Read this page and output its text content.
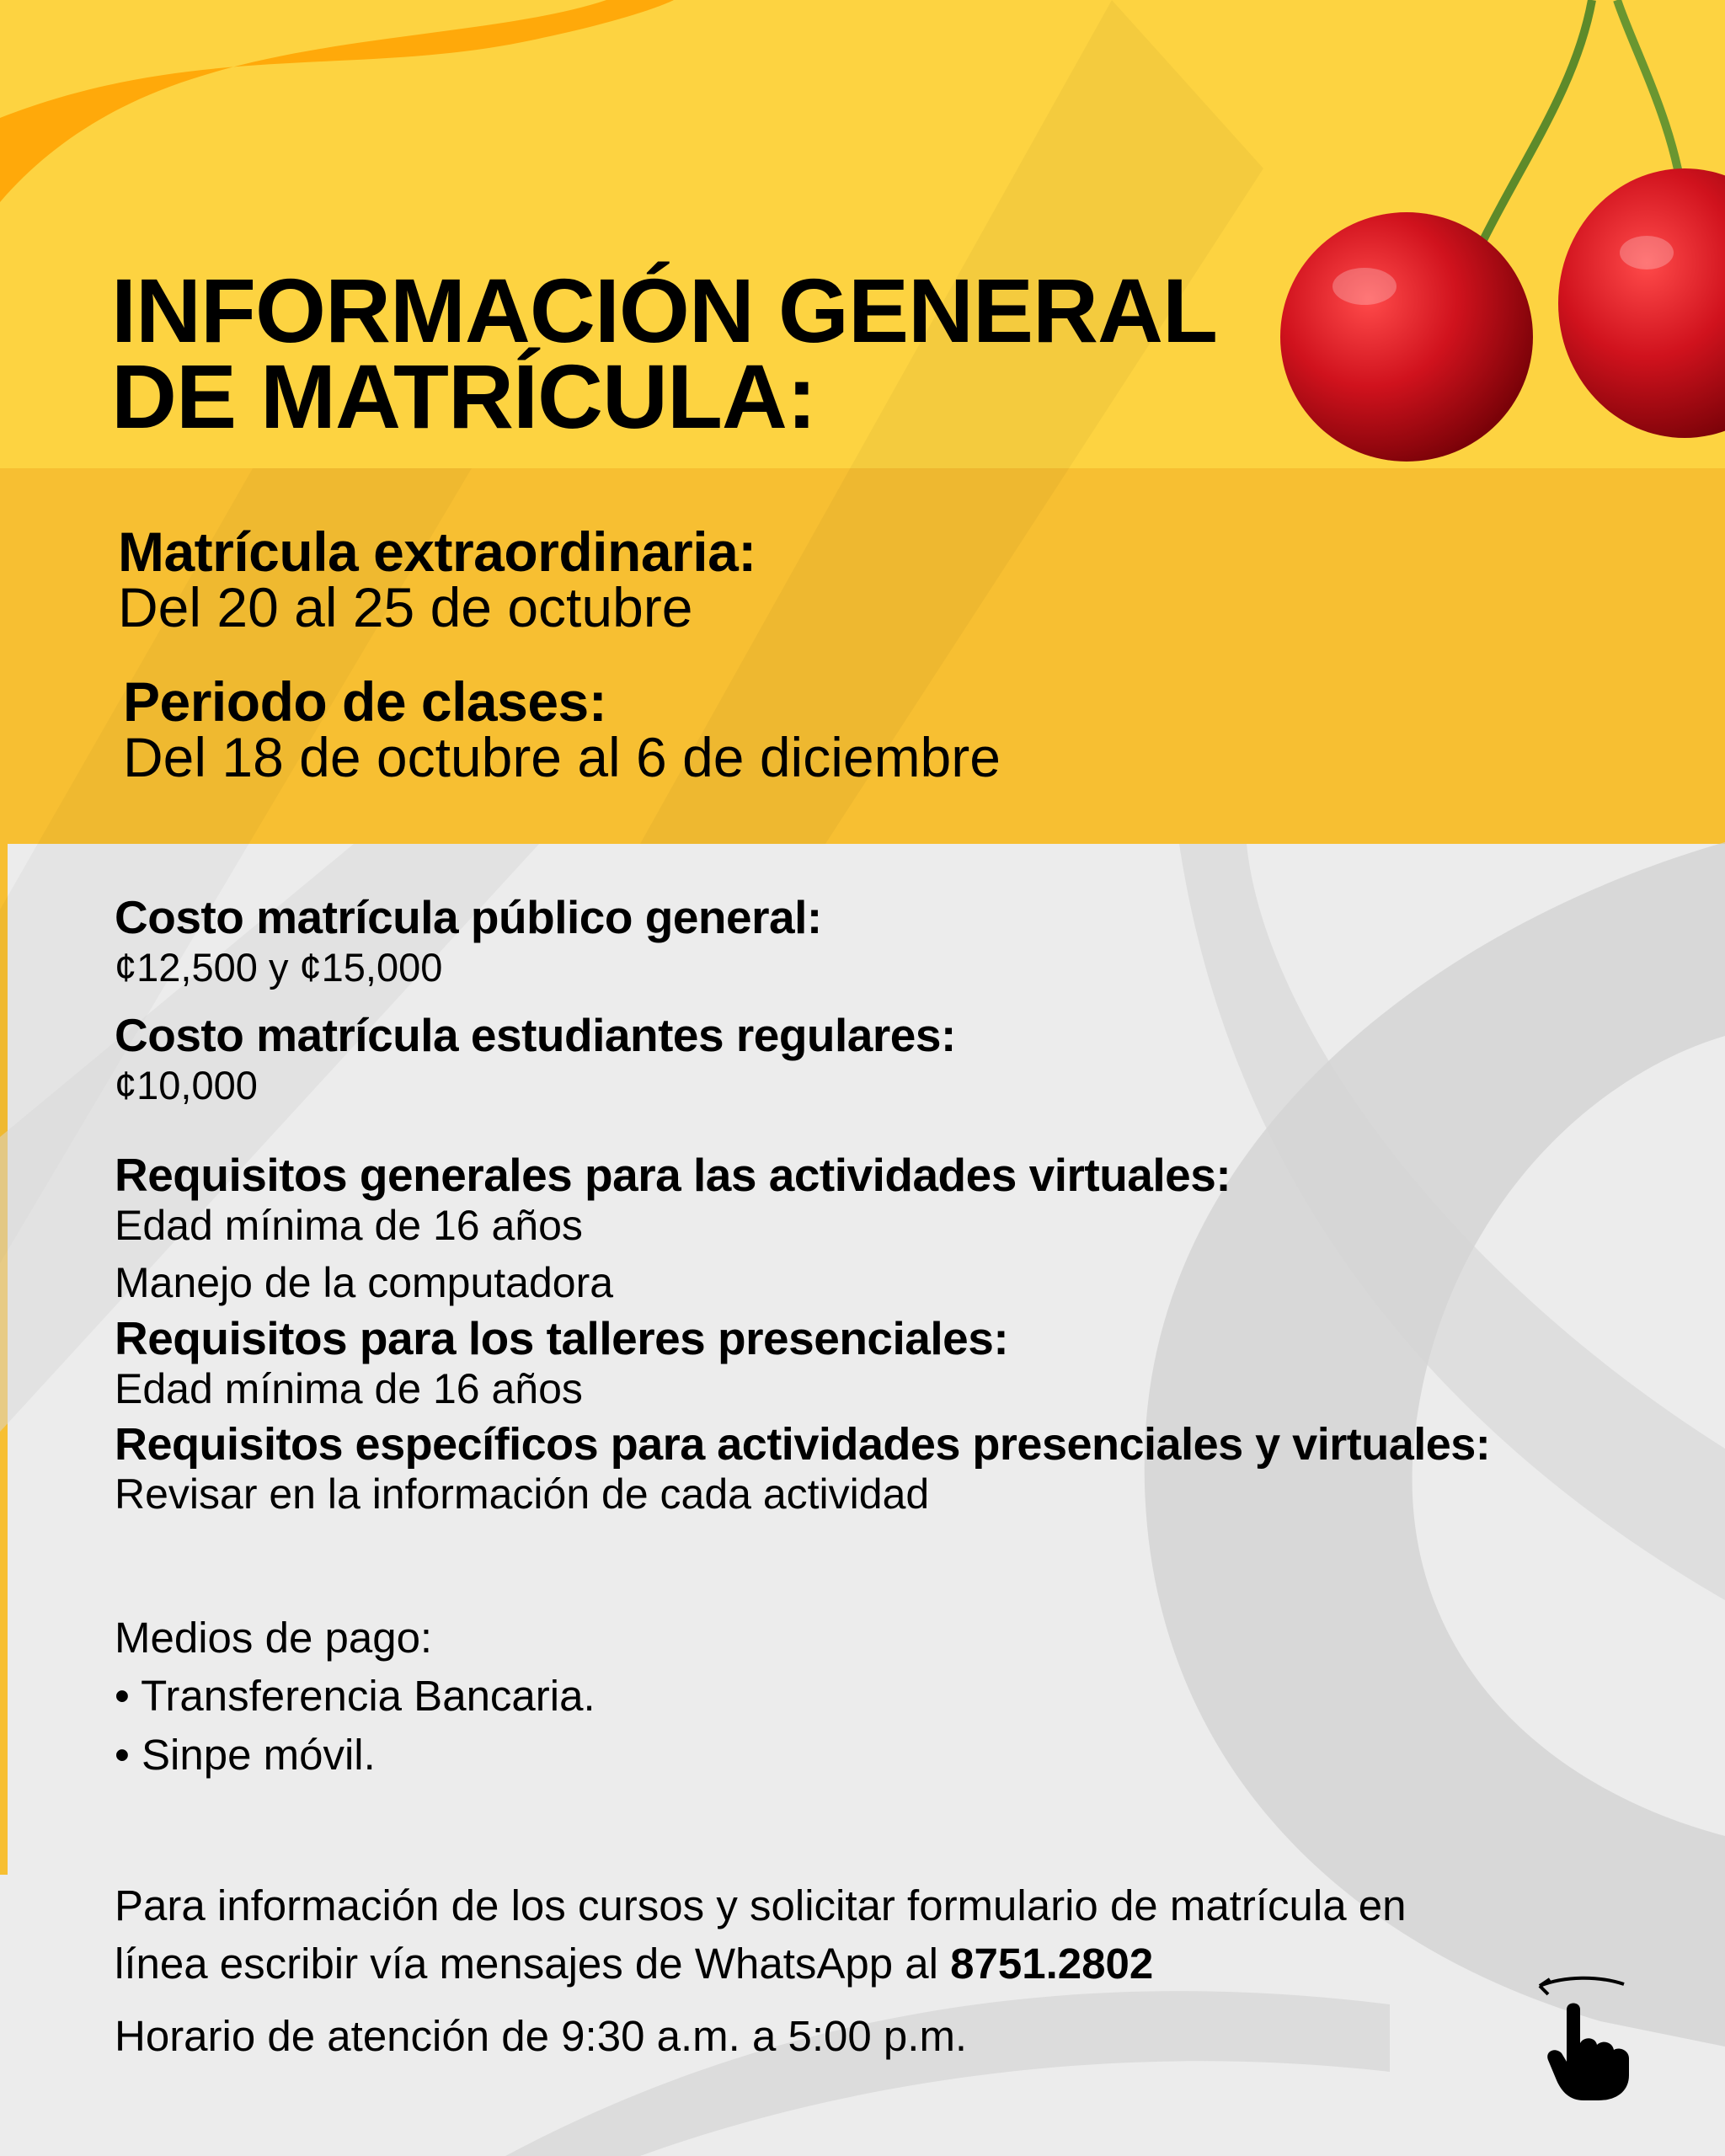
INFORMACIÓN GENERAL
DE MATRÍCULA:
Matrícula extraordinaria:
Del 20 al 25 de octubre
Periodo de clases:
Del 18 de octubre al 6 de diciembre
Costo matrícula público general:
¢12,500 y ¢15,000
Costo matrícula estudiantes regulares:
¢10,000
Requisitos generales para las actividades virtuales:
Edad mínima de 16 años
Manejo de la computadora
Requisitos para los talleres presenciales:
Edad mínima de 16 años
Requisitos específicos para actividades presenciales y virtuales:
Revisar en la información de cada actividad
Medios de pago:
• Transferencia Bancaria.
• Sinpe móvil.
Para información de los cursos y solicitar formulario de matrícula en
línea escribir vía mensajes de WhatsApp al 8751.2802
Horario de atención de 9:30 a.m. a 5:00 p.m.
